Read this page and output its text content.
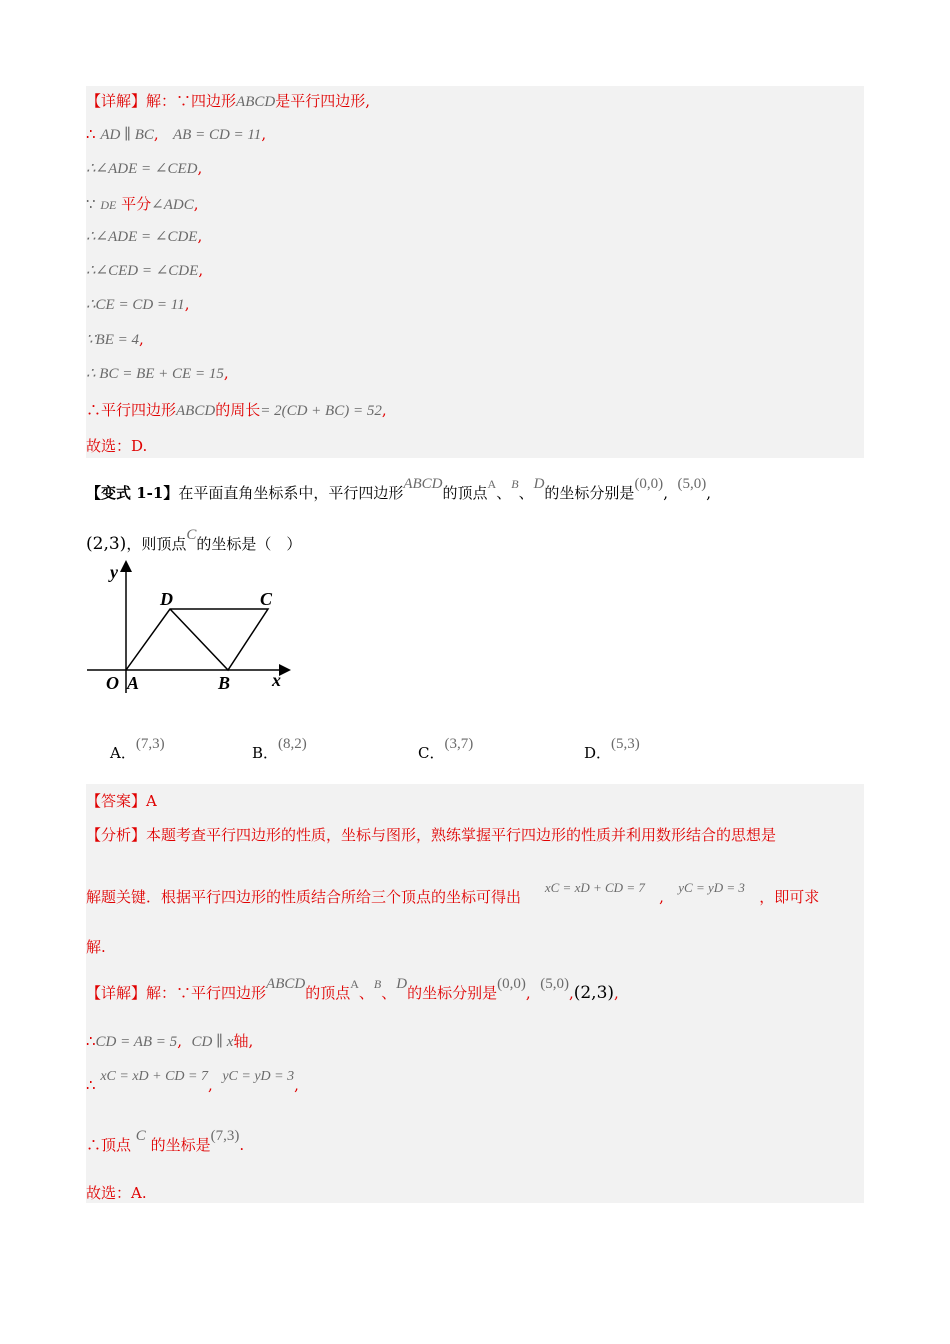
【详解】解：∵四边形ABCD是平行四边形,
∴ AD ∥ BC, AB = CD = 11,
∴∠ADE = ∠CED,
∵ DE 平分∠ADC,
∴∠ADE = ∠CDE,
∴∠CED = ∠CDE,
∴CE = CD = 11,
∵BE = 4,
∴ BC = BE + CE = 15,
∴平行四边形ABCD的周长= 2(CD + BC) = 52,
故选：D.
【变式 1-1】在平面直角坐标系中，平行四边形ABCD的顶点$^A$、$^B$、D的坐标分别是(0,0), (5,0),
(2,3)，则顶点C的坐标是（　）
y
x
O A	B
D	C
A．(7,3)	B．(8,2)	C．(3,7)	D．(5,3)
【答案】A
【分析】本题考查平行四边形的性质，坐标与图形，熟练掌握平行四边形的性质并利用数形结合的思想是
解题关键．根据平行四边形的性质结合所给三个顶点的坐标可得出     xC = xD + CD = 7   ,   yC = yD = 3   ，即可求
解.
【详解】解：∵平行四边形ABCD的顶点$^A$、$^B$、D的坐标分别是(0,0), (5,0),(2,3),
∴CD = AB = 5, CD ∥ x轴,
∴ xC = xD + CD = 7, yC = yD = 3,
∴顶点 C 的坐标是(7,3).
故选：A.
